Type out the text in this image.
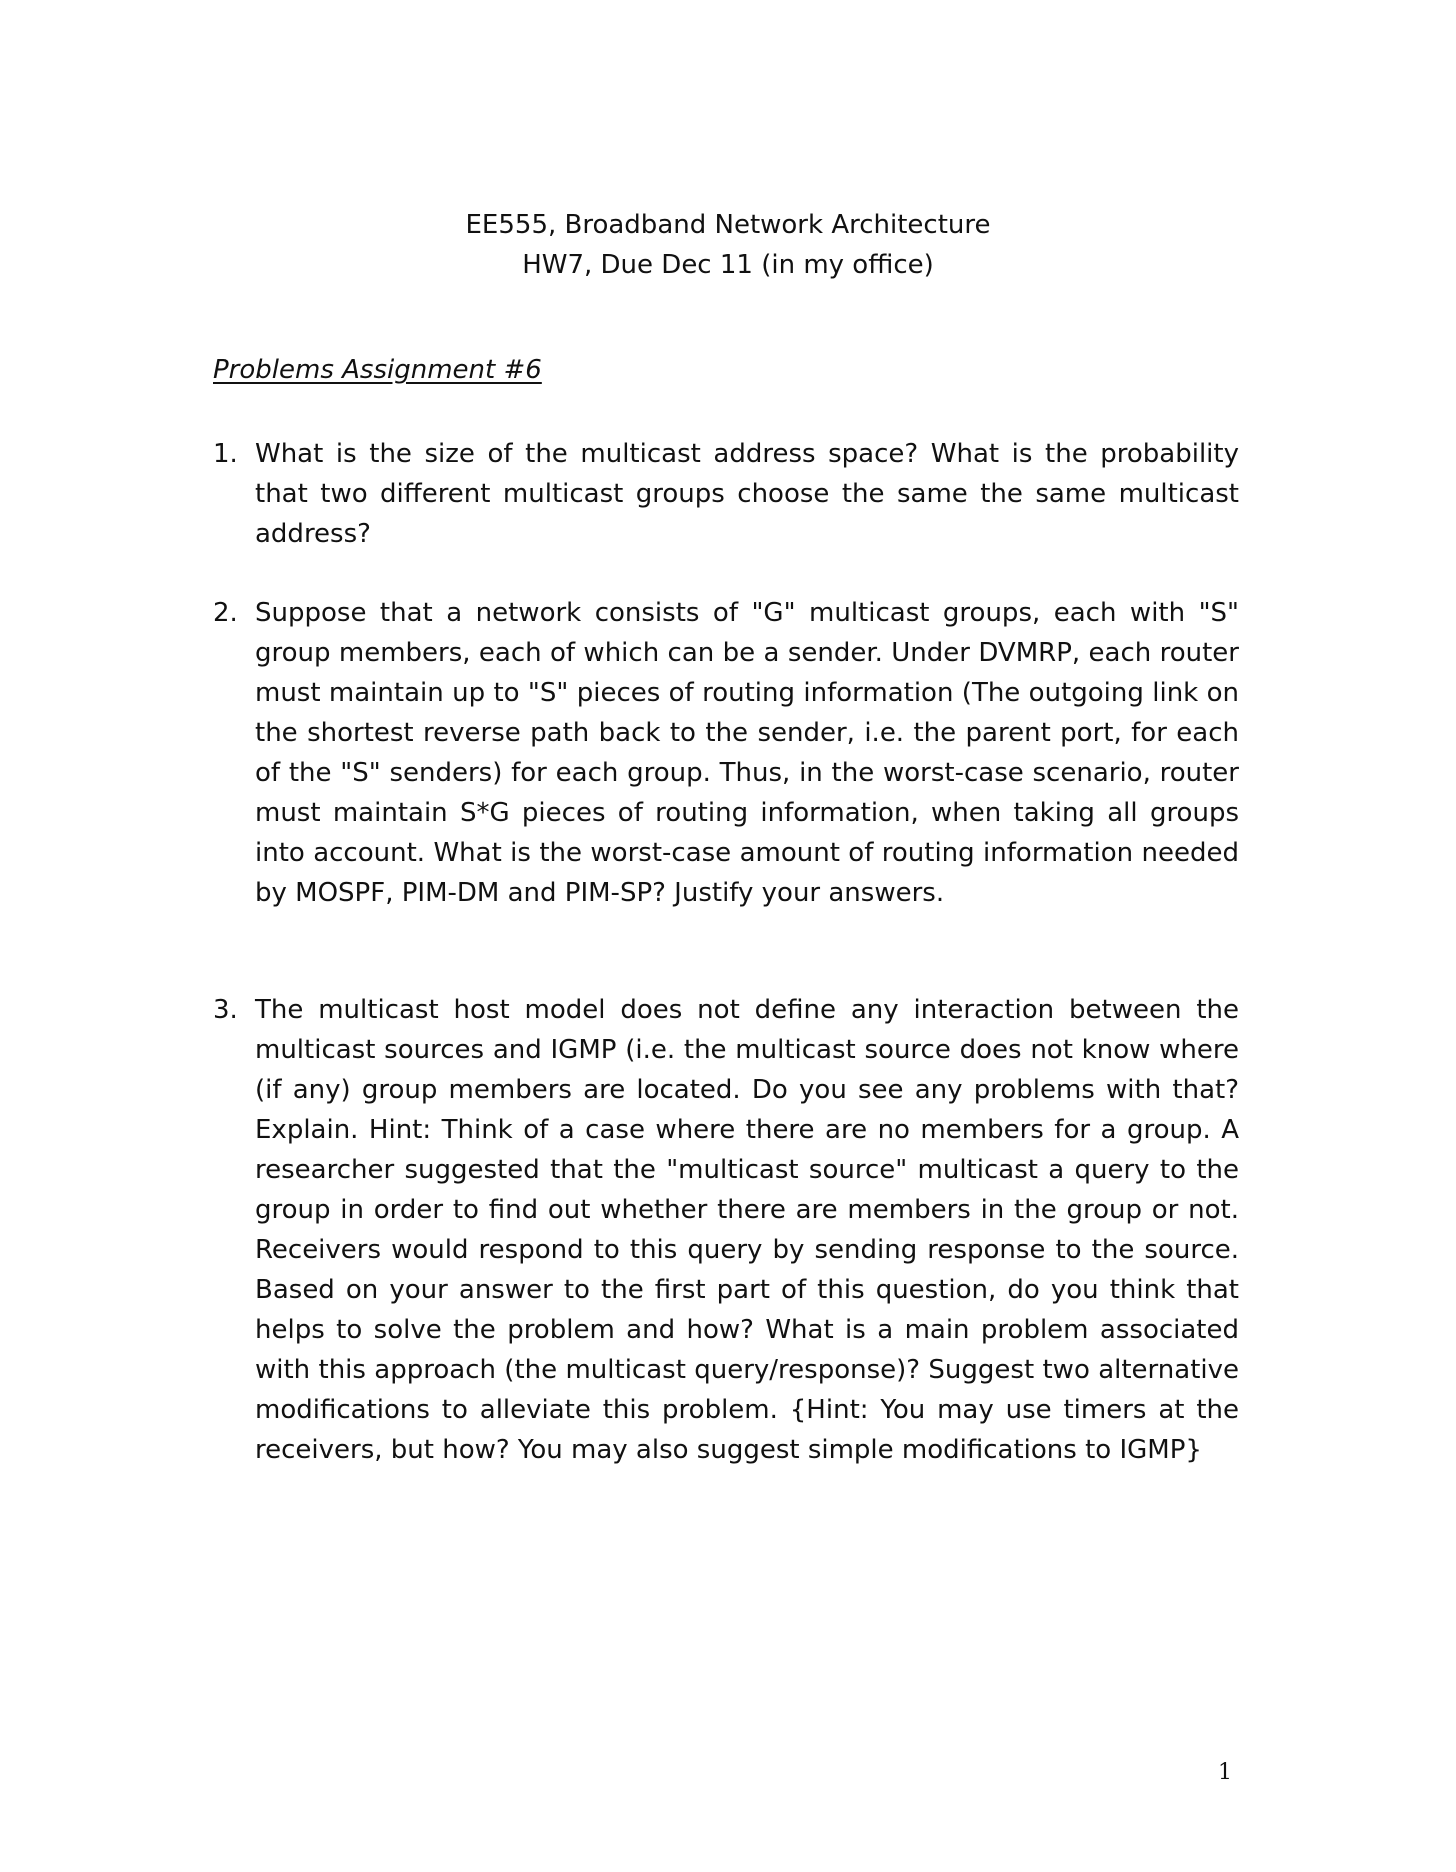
EE555, Broadband Network Architecture
HW7, Due Dec 11 (in my office)
Problems Assignment #6
1. What is the size of the multicast address space? What is the probability that two different multicast groups choose the same the same multicast address?
2. Suppose that a network consists of "G" multicast groups, each with "S" group members, each of which can be a sender. Under DVMRP, each router must maintain up to "S" pieces of routing information (The outgoing link on the shortest reverse path back to the sender, i.e. the parent port, for each of the "S" senders) for each group. Thus, in the worst-case scenario, router must maintain S*G pieces of routing information, when taking all groups into account. What is the worst-case amount of routing information needed by MOSPF, PIM-DM and PIM-SP? Justify your answers.
3. The multicast host model does not define any interaction between the multicast sources and IGMP (i.e. the multicast source does not know where (if any) group members are located. Do you see any problems with that? Explain. Hint: Think of a case where there are no members for a group. A researcher suggested that the "multicast source" multicast a query to the group in order to find out whether there are members in the group or not. Receivers would respond to this query by sending response to the source. Based on your answer to the first part of this question, do you think that helps to solve the problem and how? What is a main problem associated with this approach (the multicast query/response)? Suggest two alternative modifications to alleviate this problem. {Hint: You may use timers at the receivers, but how? You may also suggest simple modifications to IGMP}
1
